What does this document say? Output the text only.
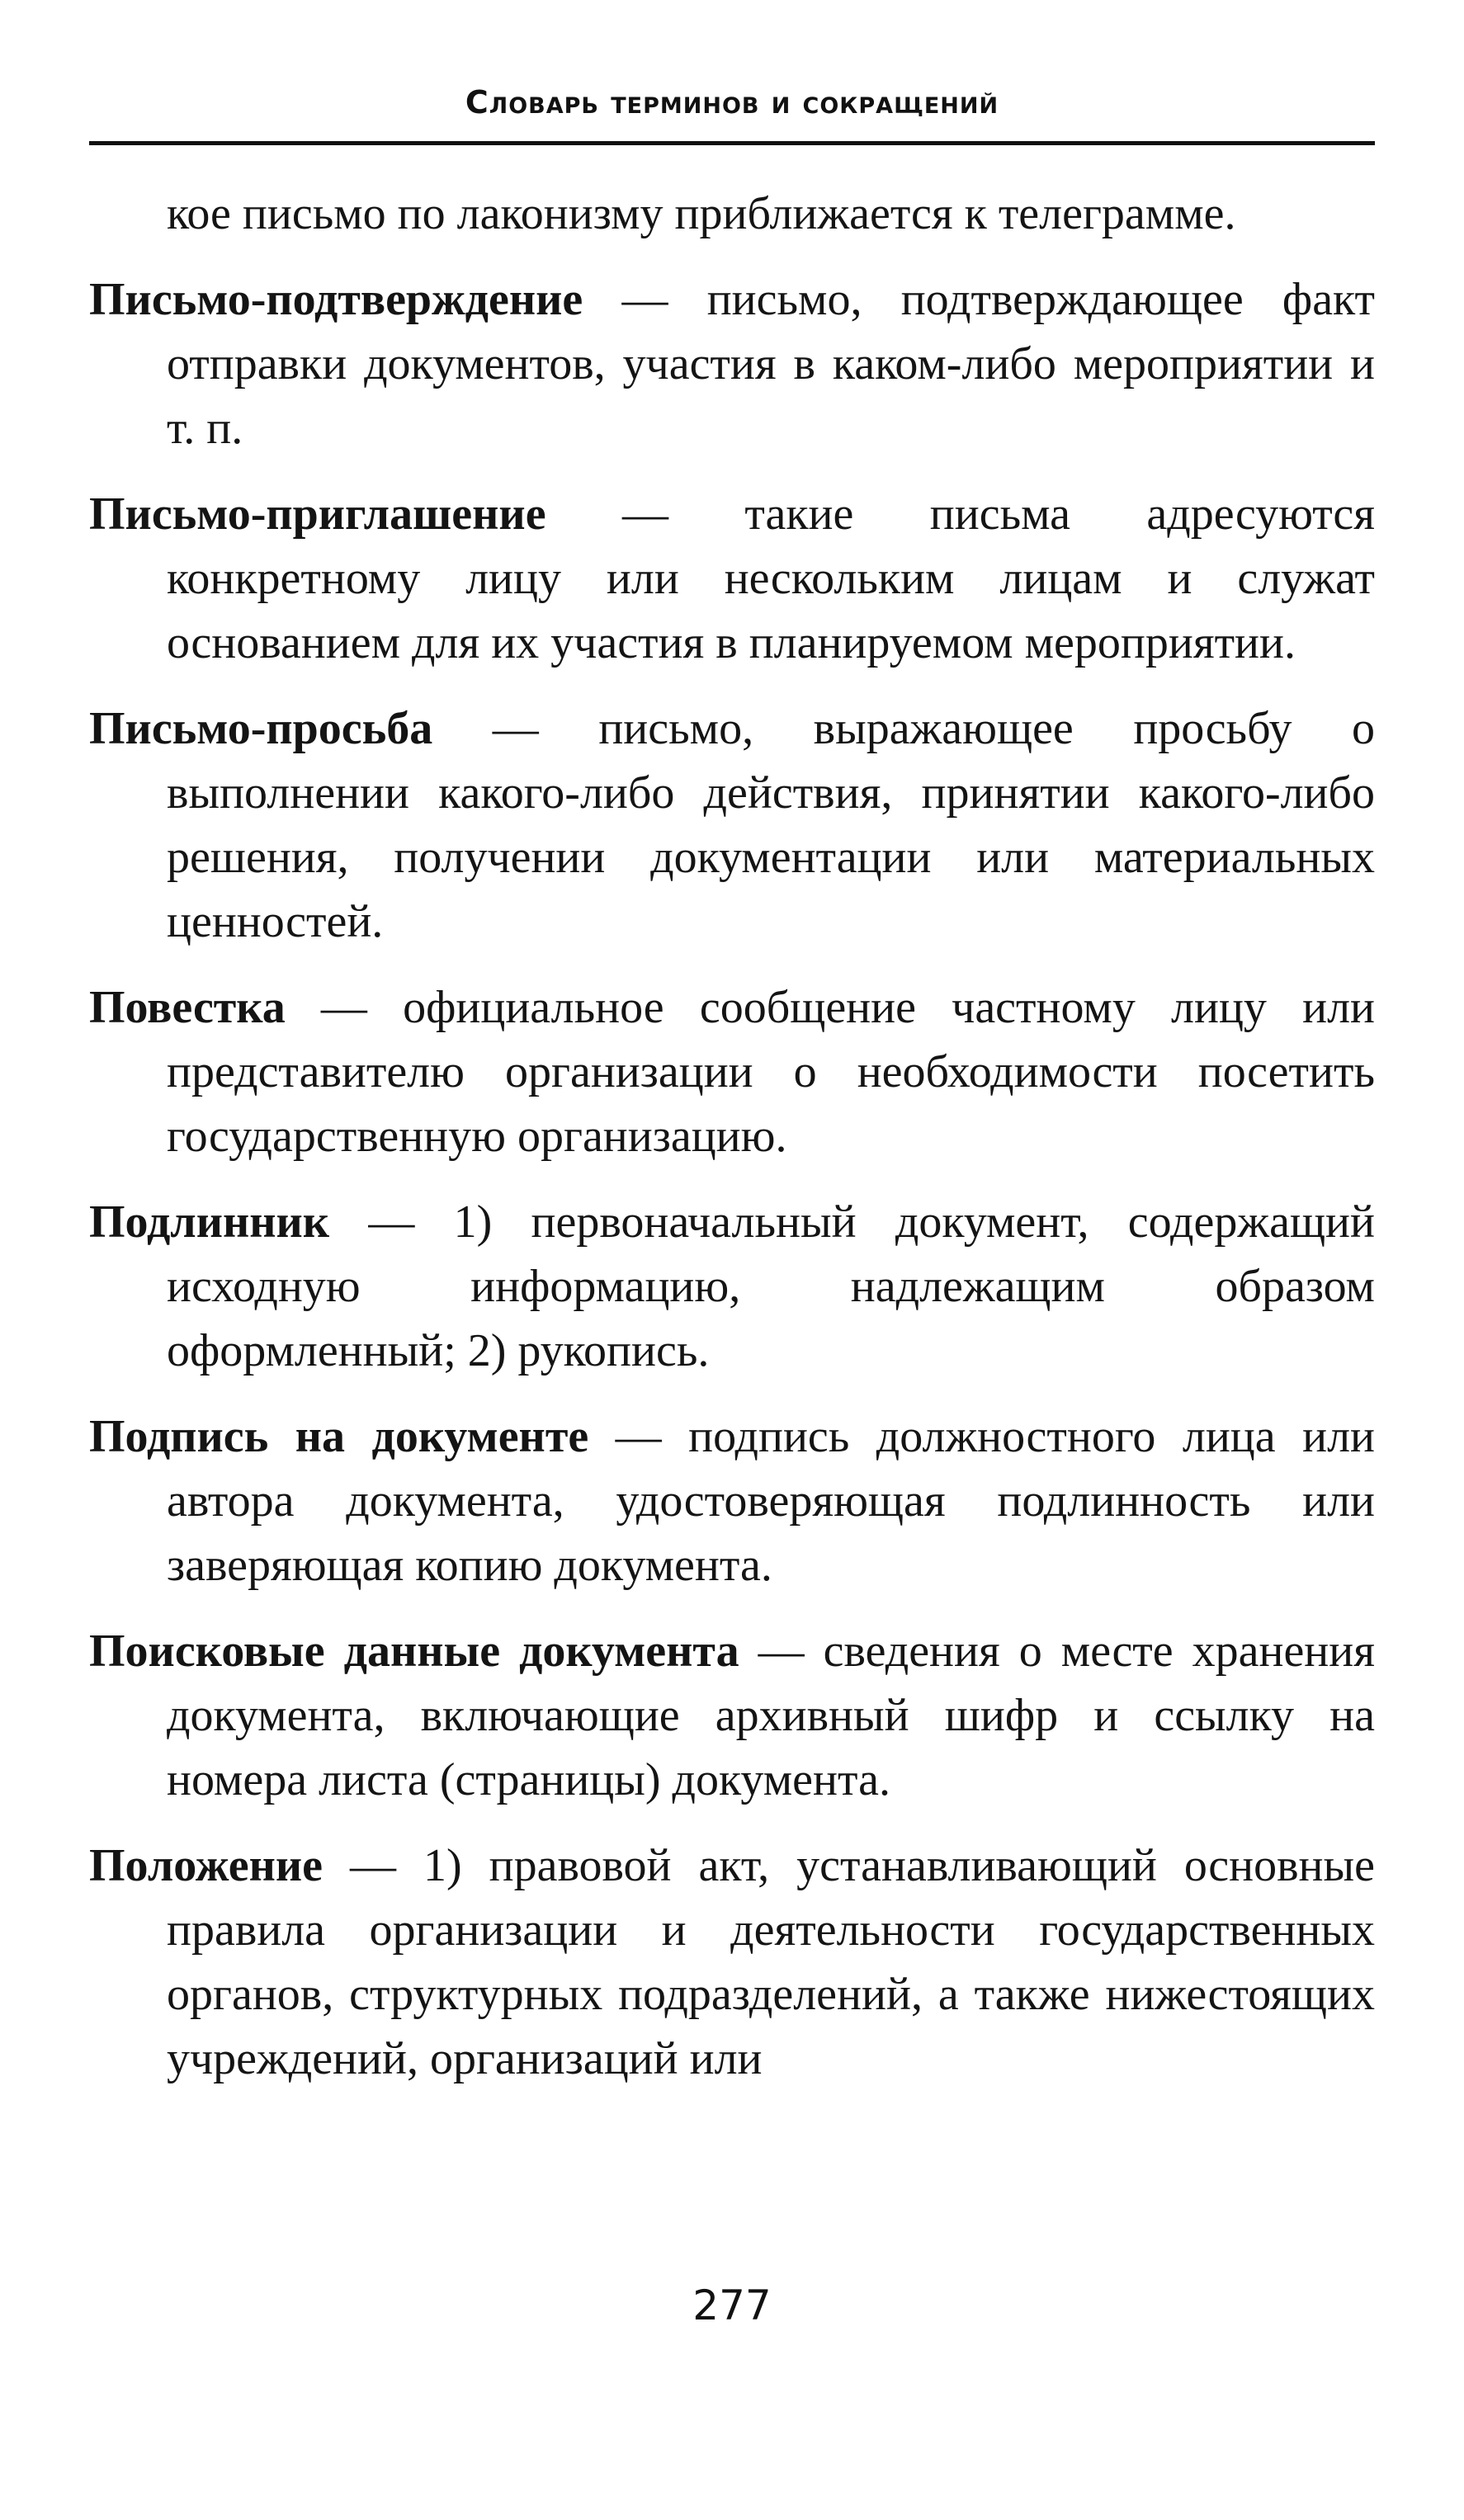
Словарь терминов и сокращений

кое письмо по лаконизму приближается к телеграмме.

Письмо-подтверждение — письмо, подтверждающее факт отправки документов, участия в каком-либо мероприятии и т. п.

Письмо-приглашение — такие письма адресуются конкретному лицу или нескольким лицам и служат основанием для их участия в планируемом мероприятии.

Письмо-просьба — письмо, выражающее просьбу о выполнении какого-либо действия, принятии какого-либо решения, получении документации или материальных ценностей.

Повестка — официальное сообщение частному лицу или представителю организации о необходимости посетить государственную организацию.

Подлинник — 1) первоначальный документ, содержащий исходную информацию, надлежащим образом оформленный; 2) рукопись.

Подпись на документе — подпись должностного лица или автора документа, удостоверяющая подлинность или заверяющая копию документа.

Поисковые данные документа — сведения о месте хранения документа, включающие архивный шифр и ссылку на номера листа (страницы) документа.

Положение — 1) правовой акт, устанавливающий основные правила организации и деятельности государственных органов, структурных подразделений, а также нижестоящих учреждений, организаций или

277
